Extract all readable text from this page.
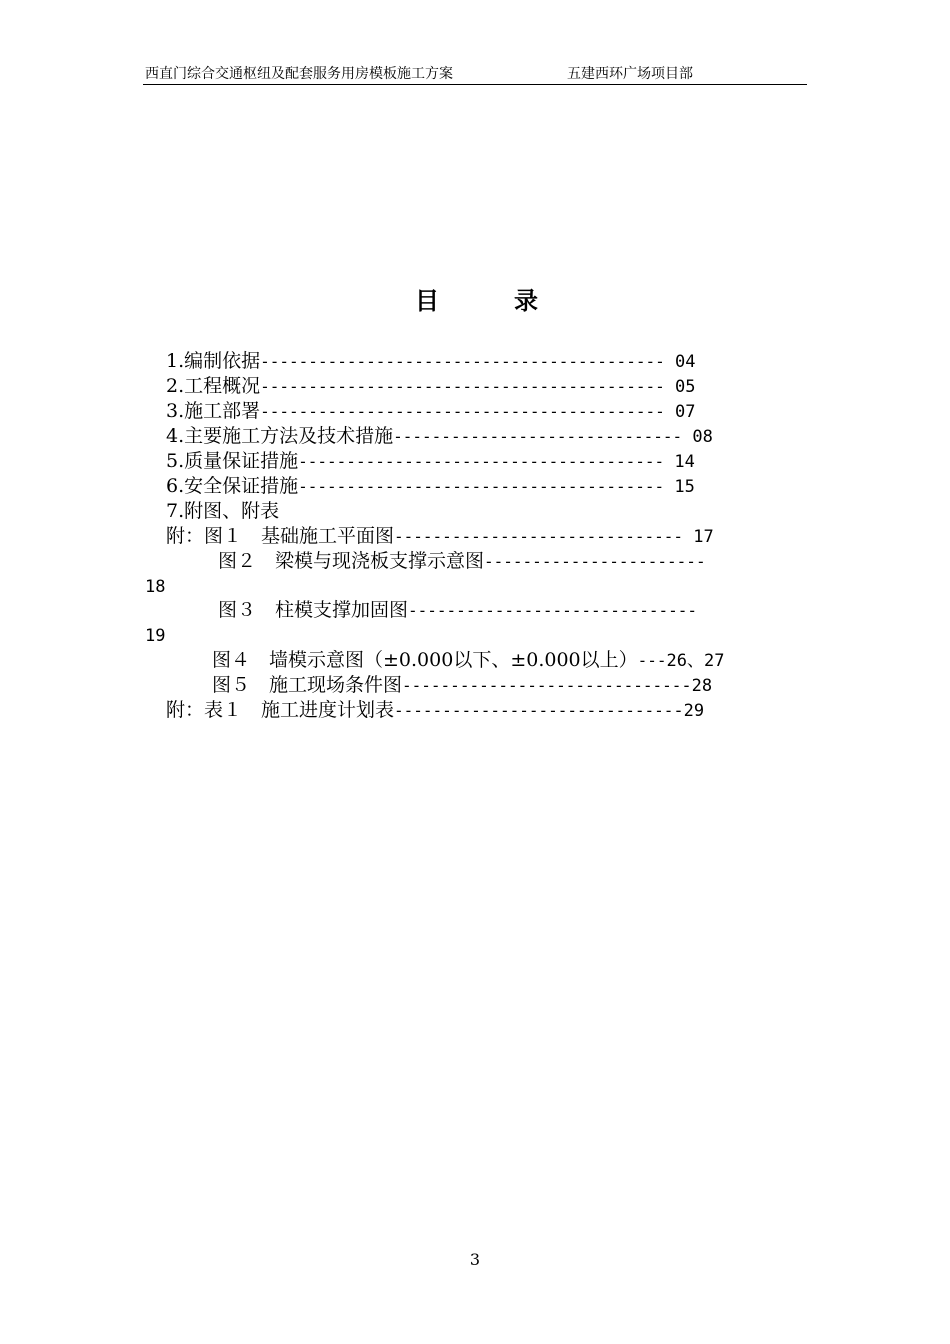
西直门综合交通枢纽及配套服务用房模板施工方案	五建西环广场项目部
目	录
1.编制依据------------------------------------------ 04
2.工程概况------------------------------------------ 05
3.施工部署------------------------------------------ 07
4.主要施工方法及技术措施------------------------------ 08
5.质量保证措施-------------------------------------- 14
6.安全保证措施-------------------------------------- 15
7.附图、附表
附：图１　基础施工平面图------------------------------ 17
图２　梁模与现浇板支撑示意图-----------------------
18
图３　柱模支撑加固图------------------------------
19
图４　墙模示意图（±0.000以下、±0.000以上）---26、27
图５　施工现场条件图------------------------------28
附：表１　施工进度计划表------------------------------29
3
